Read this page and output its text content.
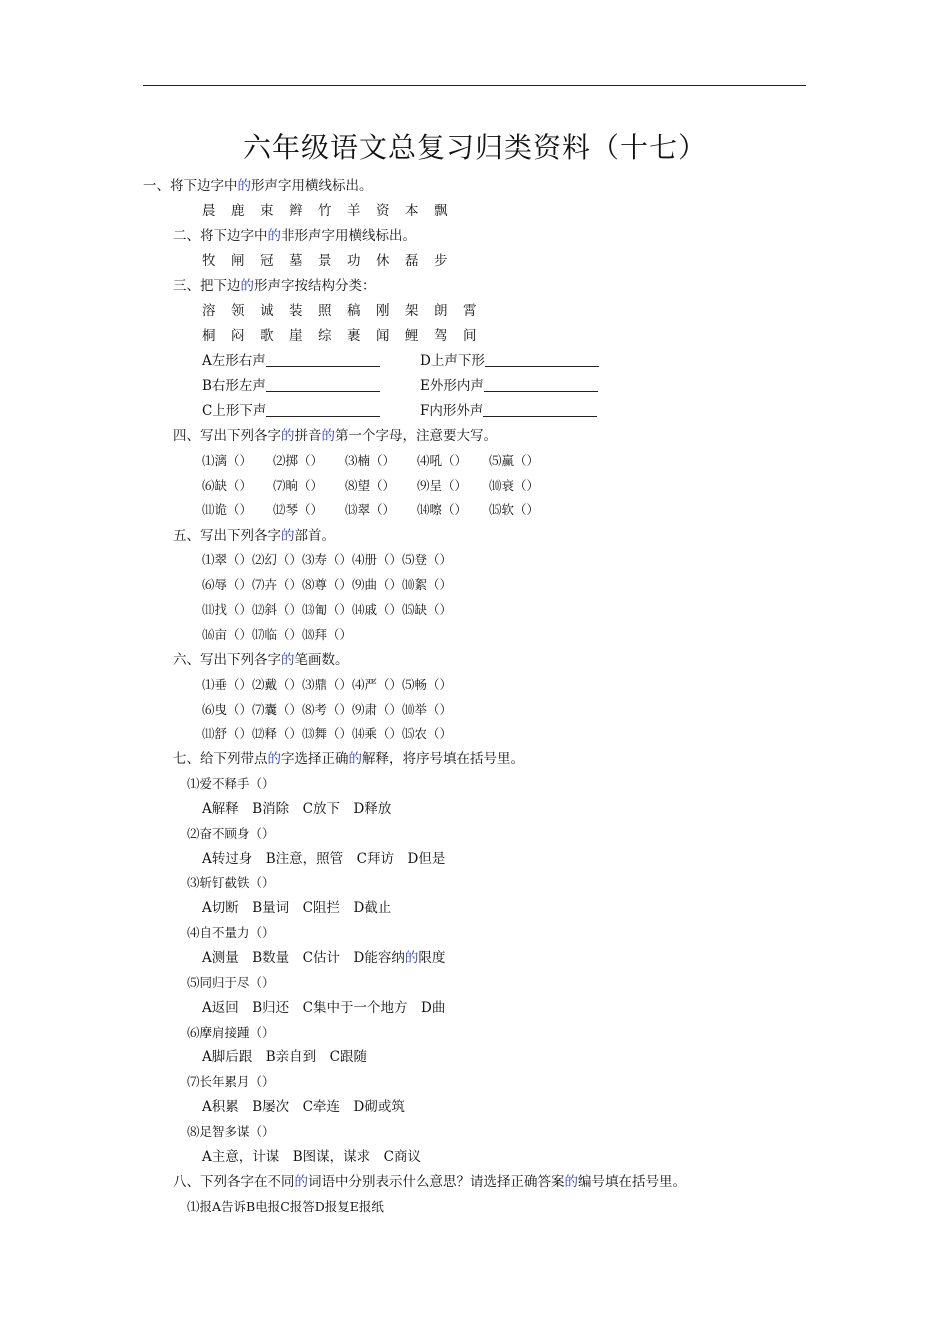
六年级语文总复习归类资料（十七）
一、将下边字中的形声字用横线标出。
晨 鹿 束 辫 竹 羊 资 本 飘
二、将下边字中的非形声字用横线标出。
牧 闸 冠 墓 景 功 休 磊 步
三、把下边的形声字按结构分类：
溶 领 诚 装 照 稿 刚 架 朗 霄
桐 闷 歌 崖 综 裹 闻 鲤 驾 间
A左形右声	D上声下形
B右形左声	E外形内声
C上形下声	F内形外声
四、写出下列各字的拼音的第一个字母，注意要大写。
⑴漓（） ⑵掷（） ⑶楠（） ⑷吼（） ⑸赢（）
⑹缺（） ⑺晌（） ⑻望（） ⑼呈（） ⑽衰（）
⑾诡（） ⑿琴（） ⒀翠（） ⒁嚓（） ⒂软（）
五、写出下列各字的部首。
⑴翠（）⑵幻（）⑶寿（）⑷册（）⑸登（）
⑹辱（）⑺卉（）⑻尊（）⑼曲（）⑽絮（）
⑾找（）⑿斜（）⒀匍（）⒁戚（）⒂缺（）
⒃亩（）⒄临（）⒅拜（）
六、写出下列各字的笔画数。
⑴垂（）⑵戴（）⑶鼎（）⑷严（）⑸畅（）
⑹曳（）⑺囊（）⑻考（）⑼肃（）⑽举（）
⑾舒（）⑿释（）⒀舞（）⒁乘（）⒂农（）
七、给下列带点的字选择正确的解释，将序号填在括号里。
⑴爱不释手（）
A解释　B消除　C放下　D释放
⑵奋不顾身（）
A转过身　B注意，照管　C拜访　D但是
⑶斩钉截铁（）
A切断　B量词　C阻拦　D截止
⑷自不量力（）
A测量　B数量　C估计　D能容纳的限度
⑸同归于尽（）
A返回　B归还　C集中于一个地方　D曲
⑹摩肩接踵（）
A脚后跟　B亲自到　C跟随
⑺长年累月（）
A积累　B屡次　C牵连　D砌或筑
⑻足智多谋（）
A主意，计谋　B图谋，谋求　C商议
八、下列各字在不同的词语中分别表示什么意思？请选择正确答案的编号填在括号里。
⑴报A告诉B电报C报答D报复E报纸
